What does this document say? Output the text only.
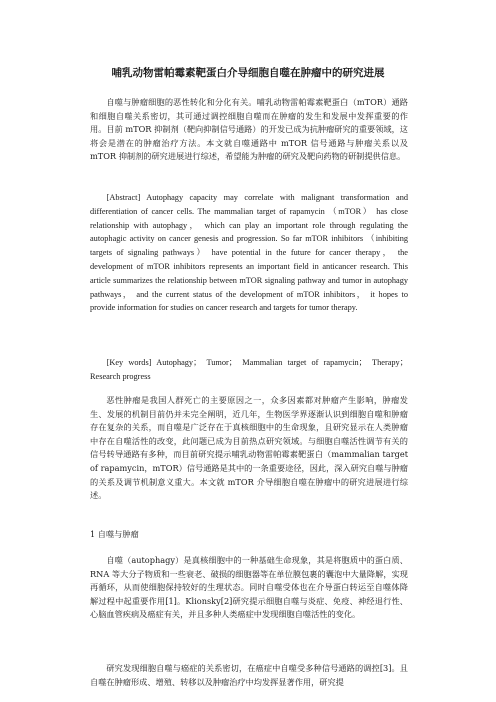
哺乳动物雷帕霉素靶蛋白介导细胞自噬在肿瘤中的研究进展

自噬与肿瘤细胞的恶性转化和分化有关。哺乳动物雷帕霉素靶蛋白（mTOR）通路和细胞自噬关系密切，其可通过调控细胞自噬而在肿瘤的发生和发展中发挥重要的作用。目前 mTOR 抑制剂（靶向抑制信号通路）的开发已成为抗肿瘤研究的重要领域，这将会是潜在的肿瘤治疗方法。本文就自噬通路中 mTOR 信号通路与肿瘤关系以及 mTOR 抑制剂的研究进展进行综述，希望能为肿瘤的研究及靶向药物的研制提供信息。

[Abstract] Autophagy capacity may correlate with malignant transformation and differentiation of cancer cells. The mammalian target of rapamycin （mTOR） has close relationship with autophagy， which can play an important role through regulating the autophagic activity on cancer genesis and progression. So far mTOR inhibitors （inhibiting targets of signaling pathways） have potential in the future for cancer therapy， the development of mTOR inhibitors represents an important field in anticancer research. This article summarizes the relationship between mTOR signaling pathway and tumor in autophagy pathways， and the current status of the development of mTOR inhibitors， it hopes to provide information for studies on cancer research and targets for tumor therapy.

[Key words] Autophagy； Tumor； Mammalian target of rapamycin； Therapy； Research progress

恶性肿瘤是我国人群死亡的主要原因之一，众多因素都对肿瘤产生影响，肿瘤发生、发展的机制目前仍并未完全阐明，近几年，生物医学界逐渐认识到细胞自噬和肿瘤存在复杂的关系，而自噬是广泛存在于真核细胞中的生命现象，且研究显示在人类肿瘤中存在自噬活性的改变，此问题已成为目前热点研究领域。与细胞自噬活性调节有关的信号转导通路有多种，而目前研究提示哺乳动物雷帕霉素靶蛋白（mammalian target of rapamycin，mTOR）信号通路是其中的一条重要途径，因此，深入研究自噬与肿瘤的关系及调节机制意义重大。本文就 mTOR 介导细胞自噬在肿瘤中的研究进展进行综述。

1 自噬与肿瘤

自噬（autophagy）是真核细胞中的一种基础生命现象，其是将胞质中的蛋白质、RNA 等大分子物质和一些衰老、破损的细胞器等在单位膜包裹的囊泡中大量降解，实现再循环，从而使细胞保持较好的生理状态。同时自噬受体也在介导蛋白转运至自噬体降解过程中起重要作用[1]。Klionsky[2]研究提示细胞自噬与炎症、免疫、神经退行性、心脑血管疾病及癌症有关，并且多种人类癌症中发现细胞自噬活性的变化。

研究发现细胞自噬与癌症的关系密切，在癌症中自噬受多种信号通路的调控[3]。且自噬在肿瘤形成、增殖、转移以及肿瘤治疗中均发挥显著作用，研究提
